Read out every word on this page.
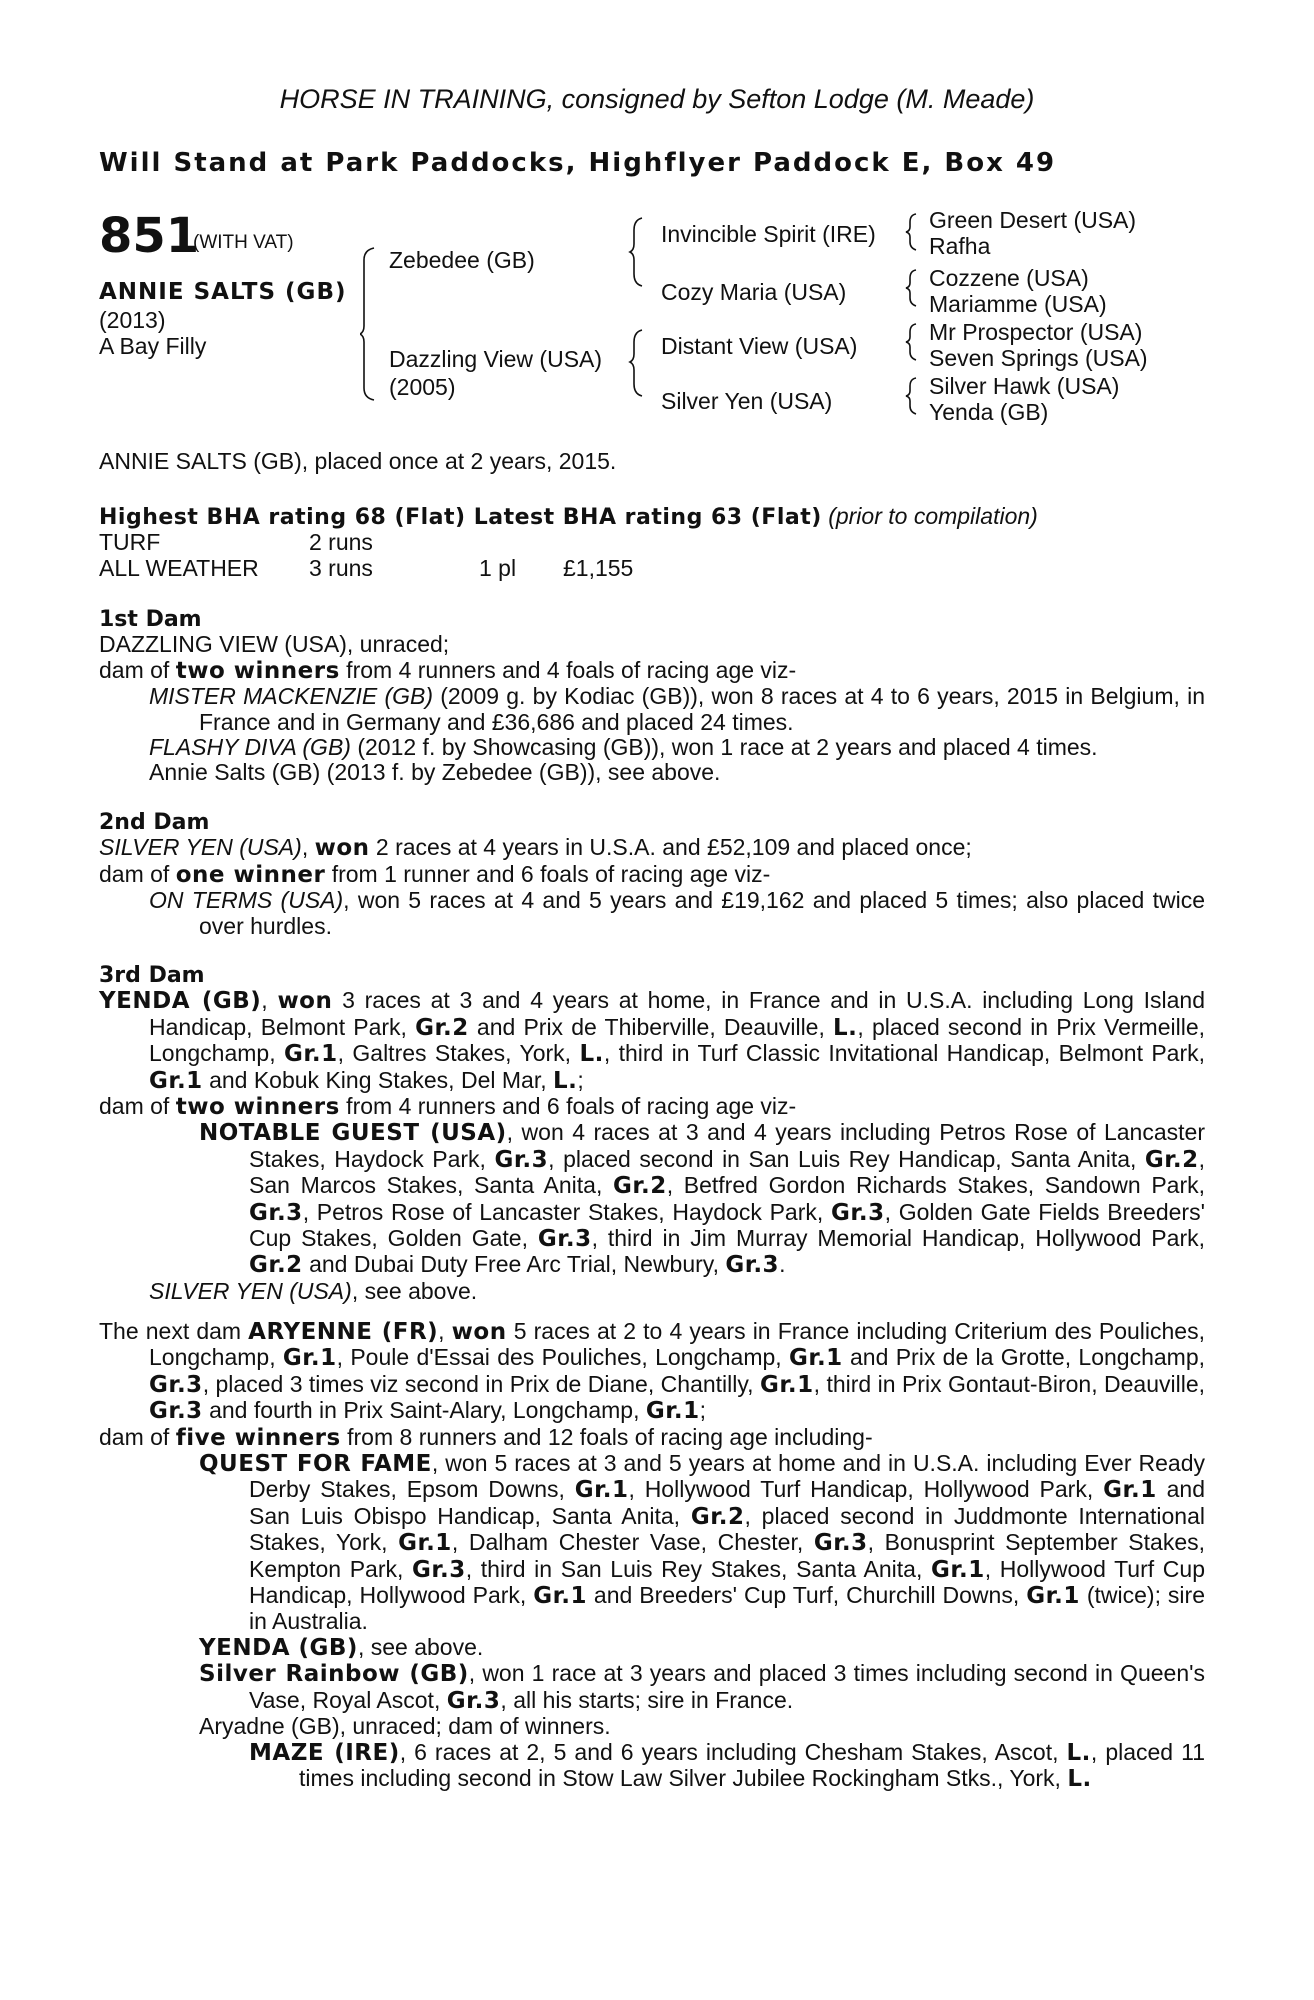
HORSE IN TRAINING, consigned by Sefton Lodge (M. Meade)
Will Stand at Park Paddocks, Highflyer Paddock E, Box 49
851
(WITH VAT)
ANNIE SALTS (GB)
(2013)
A Bay Filly
Zebedee (GB)
Dazzling View (USA)
(2005)
Invincible Spirit (IRE)
Cozy Maria (USA)
Distant View (USA)
Silver Yen (USA)
Green Desert (USA)
Rafha
Cozzene (USA)
Mariamme (USA)
Mr Prospector (USA)
Seven Springs (USA)
Silver Hawk (USA)
Yenda (GB)
ANNIE SALTS (GB), placed once at 2 years, 2015.
Highest BHA rating 68 (Flat) Latest BHA rating 63 (Flat) (prior to compilation)
TURF	2 runs
ALL WEATHER 3 runs	1 pl £1,155

1st Dam

DAZZLING VIEW (USA), unraced;

dam of two winners from 4 runners and 4 foals of racing age viz-

MISTER MACKENZIE (GB) (2009 g. by Kodiac (GB)), won 8 races at 4 to 6 years, 2015 in Belgium, in France and in Germany and £36,686 and placed 24 times.

FLASHY DIVA (GB) (2012 f. by Showcasing (GB)), won 1 race at 2 years and placed 4 times.

Annie Salts (GB) (2013 f. by Zebedee (GB)), see above.

2nd Dam

SILVER YEN (USA), won 2 races at 4 years in U.S.A. and £52,109 and placed once;

dam of one winner from 1 runner and 6 foals of racing age viz-

ON TERMS (USA), won 5 races at 4 and 5 years and £19,162 and placed 5 times; also placed twice over hurdles.

3rd Dam

YENDA (GB), won 3 races at 3 and 4 years at home, in France and in U.S.A. including Long Island Handicap, Belmont Park, Gr.2 and Prix de Thiberville, Deauville, L., placed second in Prix Vermeille, Longchamp, Gr.1, Galtres Stakes, York, L., third in Turf Classic Invitational Handicap, Belmont Park, Gr.1 and Kobuk King Stakes, Del Mar, L.;

dam of two winners from 4 runners and 6 foals of racing age viz-

NOTABLE GUEST (USA), won 4 races at 3 and 4 years including Petros Rose of Lancaster Stakes, Haydock Park, Gr.3, placed second in San Luis Rey Handicap, Santa Anita, Gr.2, San Marcos Stakes, Santa Anita, Gr.2, Betfred Gordon Richards Stakes, Sandown Park, Gr.3, Petros Rose of Lancaster Stakes, Haydock Park, Gr.3, Golden Gate Fields Breeders' Cup Stakes, Golden Gate, Gr.3, third in Jim Murray Memorial Handicap, Hollywood Park, Gr.2 and Dubai Duty Free Arc Trial, Newbury, Gr.3.

SILVER YEN (USA), see above.

The next dam ARYENNE (FR), won 5 races at 2 to 4 years in France including Criterium des Pouliches, Longchamp, Gr.1, Poule d'Essai des Pouliches, Longchamp, Gr.1 and Prix de la Grotte, Longchamp, Gr.3, placed 3 times viz second in Prix de Diane, Chantilly, Gr.1, third in Prix Gontaut-Biron, Deauville, Gr.3 and fourth in Prix Saint-Alary, Longchamp, Gr.1;

dam of five winners from 8 runners and 12 foals of racing age including-

QUEST FOR FAME, won 5 races at 3 and 5 years at home and in U.S.A. including Ever Ready Derby Stakes, Epsom Downs, Gr.1, Hollywood Turf Handicap, Hollywood Park, Gr.1 and San Luis Obispo Handicap, Santa Anita, Gr.2, placed second in Juddmonte International Stakes, York, Gr.1, Dalham Chester Vase, Chester, Gr.3, Bonusprint September Stakes, Kempton Park, Gr.3, third in San Luis Rey Stakes, Santa Anita, Gr.1, Hollywood Turf Cup Handicap, Hollywood Park, Gr.1 and Breeders' Cup Turf, Churchill Downs, Gr.1 (twice); sire in Australia.

YENDA (GB), see above.

Silver Rainbow (GB), won 1 race at 3 years and placed 3 times including second in Queen's Vase, Royal Ascot, Gr.3, all his starts; sire in France.

Aryadne (GB), unraced; dam of winners.

MAZE (IRE), 6 races at 2, 5 and 6 years including Chesham Stakes, Ascot, L., placed 11 times including second in Stow Law Silver Jubilee Rockingham Stks., York, L.
